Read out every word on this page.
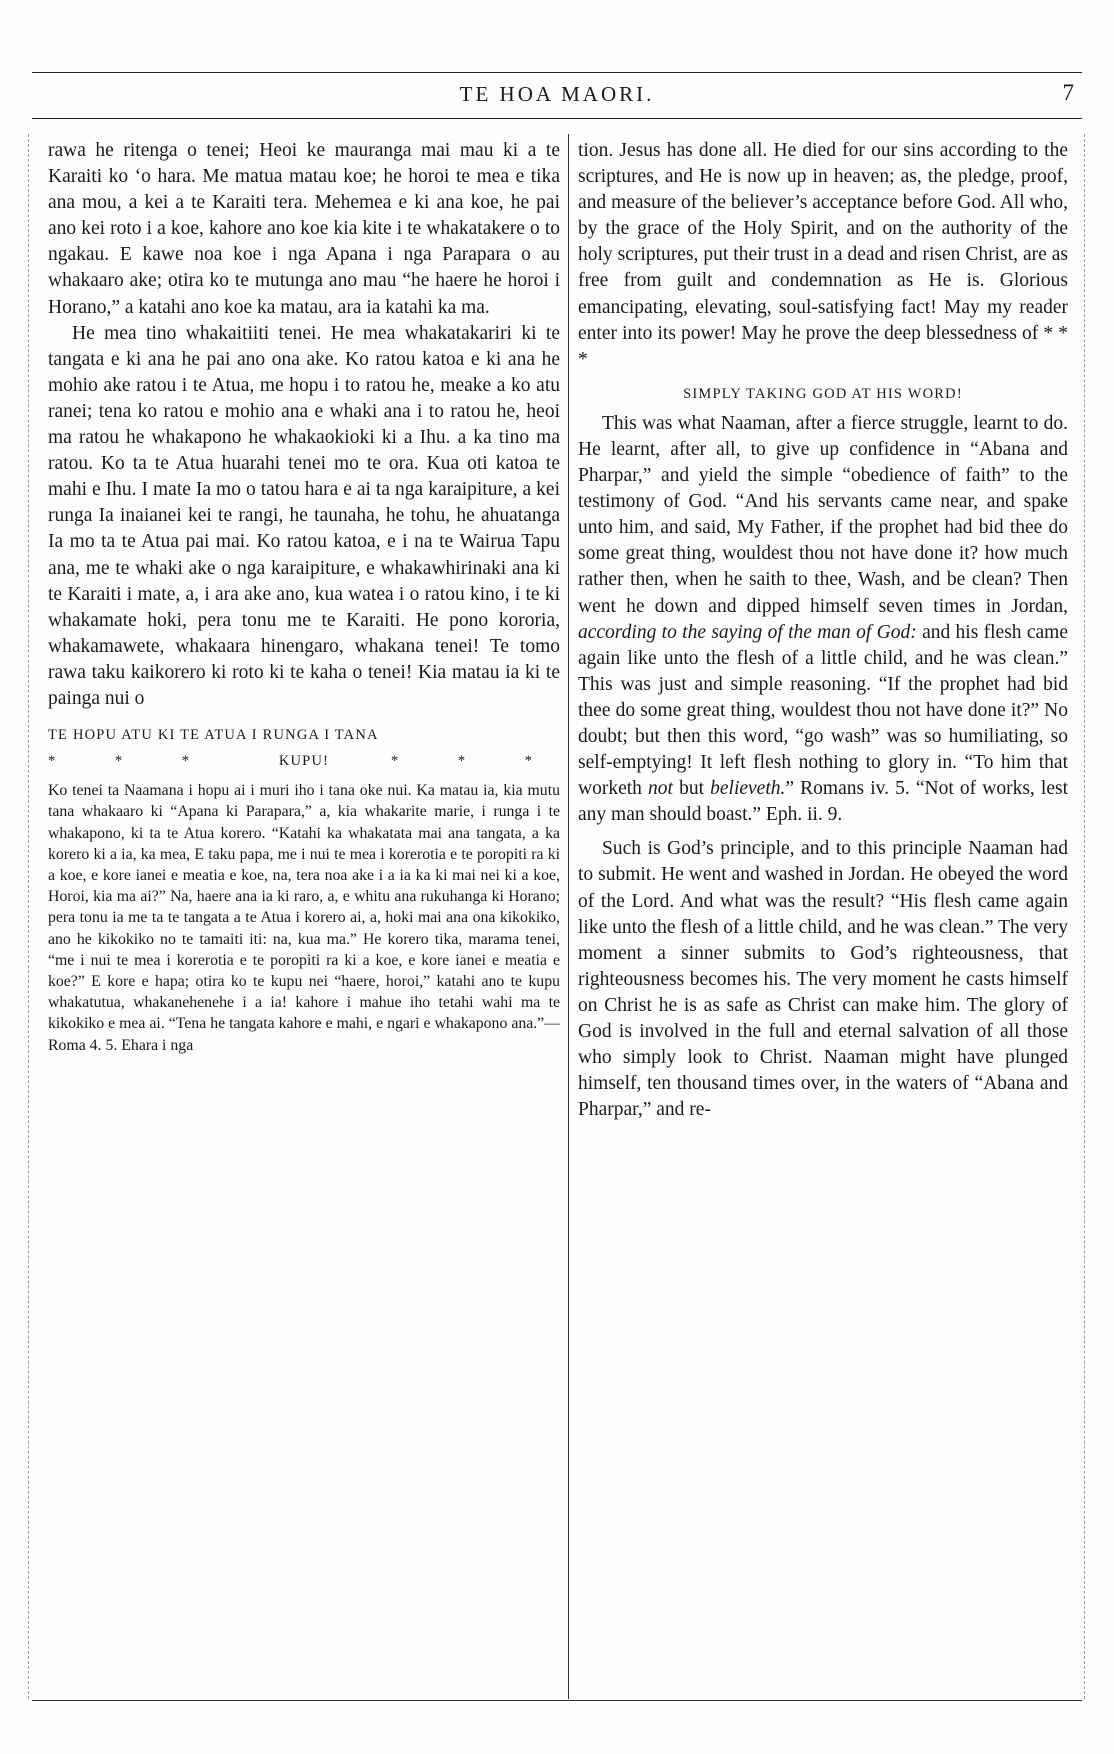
TE HOA MAORI.	7

rawa he ritenga o tenei; Heoi ke mauranga mai mau ki a te Karaiti ko ‘o hara. Me matua matau koe; he horoi te mea e tika ana mou, a kei a te Karaiti tera. Mehemea e ki ana koe, he pai ano kei roto i a koe, kahore ano koe kia kite i te whakatakere o to ngakau. E kawe noa koe i nga Apana i nga Parapara o au whakaaro ake; otira ko te mutunga ano mau “he haere he horoi i Horano,” a katahi ano koe ka matau, ara ia katahi ka ma.

He mea tino whakaitiiti tenei. He mea whakatakariri ki te tangata e ki ana he pai ano ona ake. Ko ratou katoa e ki ana he mohio ake ratou i te Atua, me hopu i to ratou he, meake a ko atu ranei; tena ko ratou e mohio ana e whaki ana i to ratou he, heoi ma ratou he whakapono he whakaokioki ki a Ihu. a ka tino ma ratou. Ko ta te Atua huarahi tenei mo te ora. Kua oti katoa te mahi e Ihu. I mate Ia mo o tatou hara e ai ta nga karaipiture, a kei runga Ia inaianei kei te rangi, he taunaha, he tohu, he ahuatanga Ia mo ta te Atua pai mai. Ko ratou katoa, e i na te Wairua Tapu ana, me te whaki ake o nga karaipiture, e whakawhirinaki ana ki te Karaiti i mate, a, i ara ake ano, kua watea i o ratou kino, i te ki whakamate hoki, pera tonu me te Karaiti. He pono kororia, whakamawete, whakaara hinengaro, whakana tenei! Te tomo rawa taku kaikorero ki roto ki te kaha o tenei! Kia matau ia ki te painga nui o

TE HOPU ATU KI TE ATUA I RUNGA I TANA
* * *	KUPU!	* * *

Ko tenei ta Naamana i hopu ai i muri iho i tana oke nui. Ka matau ia, kia mutu tana whakaaro ki “Apana ki Parapara,” a, kia whakarite marie, i runga i te whakapono, ki ta te Atua korero. “Katahi ka whakatata mai ana tangata, a ka korero ki a ia, ka mea, E taku papa, me i nui te mea i korerotia e te poropiti ra ki a koe, e kore ianei e meatia e koe, na, tera noa ake i a ia ka ki mai nei ki a koe, Horoi, kia ma ai?” Na, haere ana ia ki raro, a, e whitu ana rukuhanga ki Horano; pera tonu ia me ta te tangata a te Atua i korero ai, a, hoki mai ana ona kikokiko, ano he kikokiko no te tamaiti iti: na, kua ma.” He korero tika, marama tenei, “me i nui te mea i korerotia e te poropiti ra ki a koe, e kore ianei e meatia e koe?” E kore e hapa; otira ko te kupu nei “haere, horoi,” katahi ano te kupu whakatutua, whakanehenehe i a ia! kahore i mahue iho tetahi wahi ma te kikokiko e mea ai. “Tena he tangata kahore e mahi, e ngari e whakapono ana.”—Roma 4. 5. Ehara i nga

tion. Jesus has done all. He died for our sins according to the scriptures, and He is now up in heaven; as, the pledge, proof, and measure of the believer’s acceptance before God. All who, by the grace of the Holy Spirit, and on the authority of the holy scriptures, put their trust in a dead and risen Christ, are as free from guilt and condemnation as He is. Glorious emancipating, elevating, soul-satisfying fact! May my reader enter into its power! May he prove the deep blessedness of * * *

SIMPLY TAKING GOD AT HIS WORD!

This was what Naaman, after a fierce struggle, learnt to do. He learnt, after all, to give up confidence in “Abana and Pharpar,” and yield the simple “obedience of faith” to the testimony of God. “And his servants came near, and spake unto him, and said, My Father, if the prophet had bid thee do some great thing, wouldest thou not have done it? how much rather then, when he saith to thee, Wash, and be clean? Then went he down and dipped himself seven times in Jordan, according to the saying of the man of God: and his flesh came again like unto the flesh of a little child, and he was clean.” This was just and simple reasoning. “If the prophet had bid thee do some great thing, wouldest thou not have done it?” No doubt; but then this word, “go wash” was so humiliating, so self-emptying! It left flesh nothing to glory in. “To him that worketh not but believeth.” Romans iv. 5. “Not of works, lest any man should boast.” Eph. ii. 9.

Such is God’s principle, and to this principle Naaman had to submit. He went and washed in Jordan. He obeyed the word of the Lord. And what was the result? “His flesh came again like unto the flesh of a little child, and he was clean.” The very moment a sinner submits to God’s righteousness, that righteousness becomes his. The very moment he casts himself on Christ he is as safe as Christ can make him. The glory of God is involved in the full and eternal salvation of all those who simply look to Christ. Naaman might have plunged himself, ten thousand times over, in the waters of “Abana and Pharpar,” and re-
